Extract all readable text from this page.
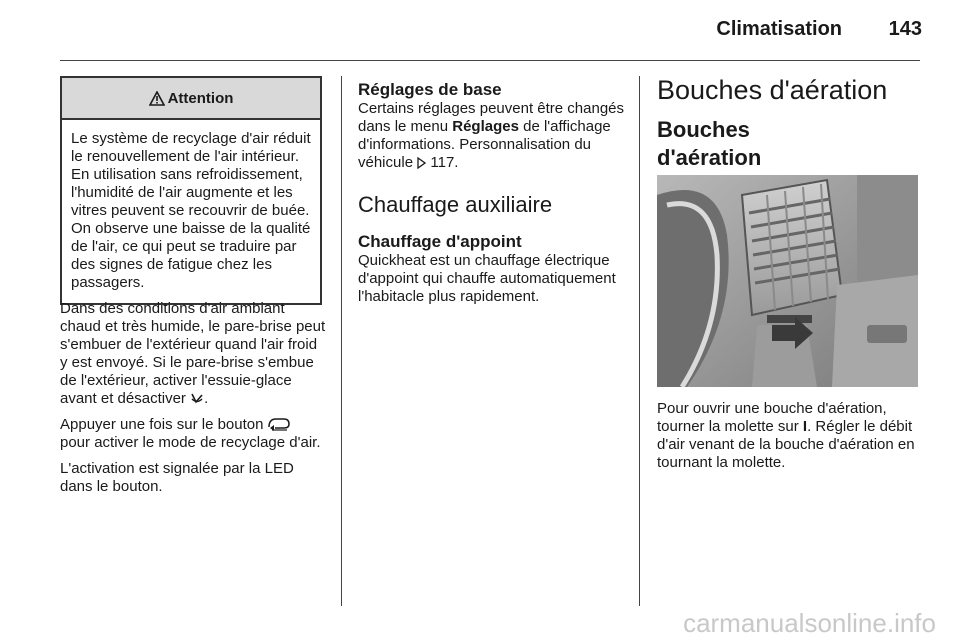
Climatisation 143
Attention
Le système de recyclage d'air réduit le renouvellement de l'air intérieur. En utilisation sans refroidissement, l'humidité de l'air augmente et les vitres peuvent se recouvrir de buée. On observe une baisse de la qualité de l'air, ce qui peut se traduire par des signes de fatigue chez les passagers.

Dans des conditions d'air ambiant chaud et très humide, le pare-brise peut s'embuer de l'extérieur quand l'air froid y est envoyé. Si le pare-brise s'embue de l'extérieur, activer l'essuie-glace avant et désactiver .

Appuyer une fois sur le bouton
pour activer le mode de recyclage d'air.

L'activation est signalée par la LED dans le bouton.

Réglages de base

Certains réglages peuvent être changés dans le menu Réglages de l'affichage d'informations. Personnalisation du véhicule 117.

Chauffage auxiliaire

Chauffage d'appoint

Quickheat est un chauffage électrique d'appoint qui chauffe automatiquement l'habitacle plus rapidement.

Bouches d'aération

Bouches d'aération

Pour ouvrir une bouche d'aération, tourner la molette sur I. Régler le débit d'air venant de la bouche d'aération en tournant la molette.
carmanualsonline.info
